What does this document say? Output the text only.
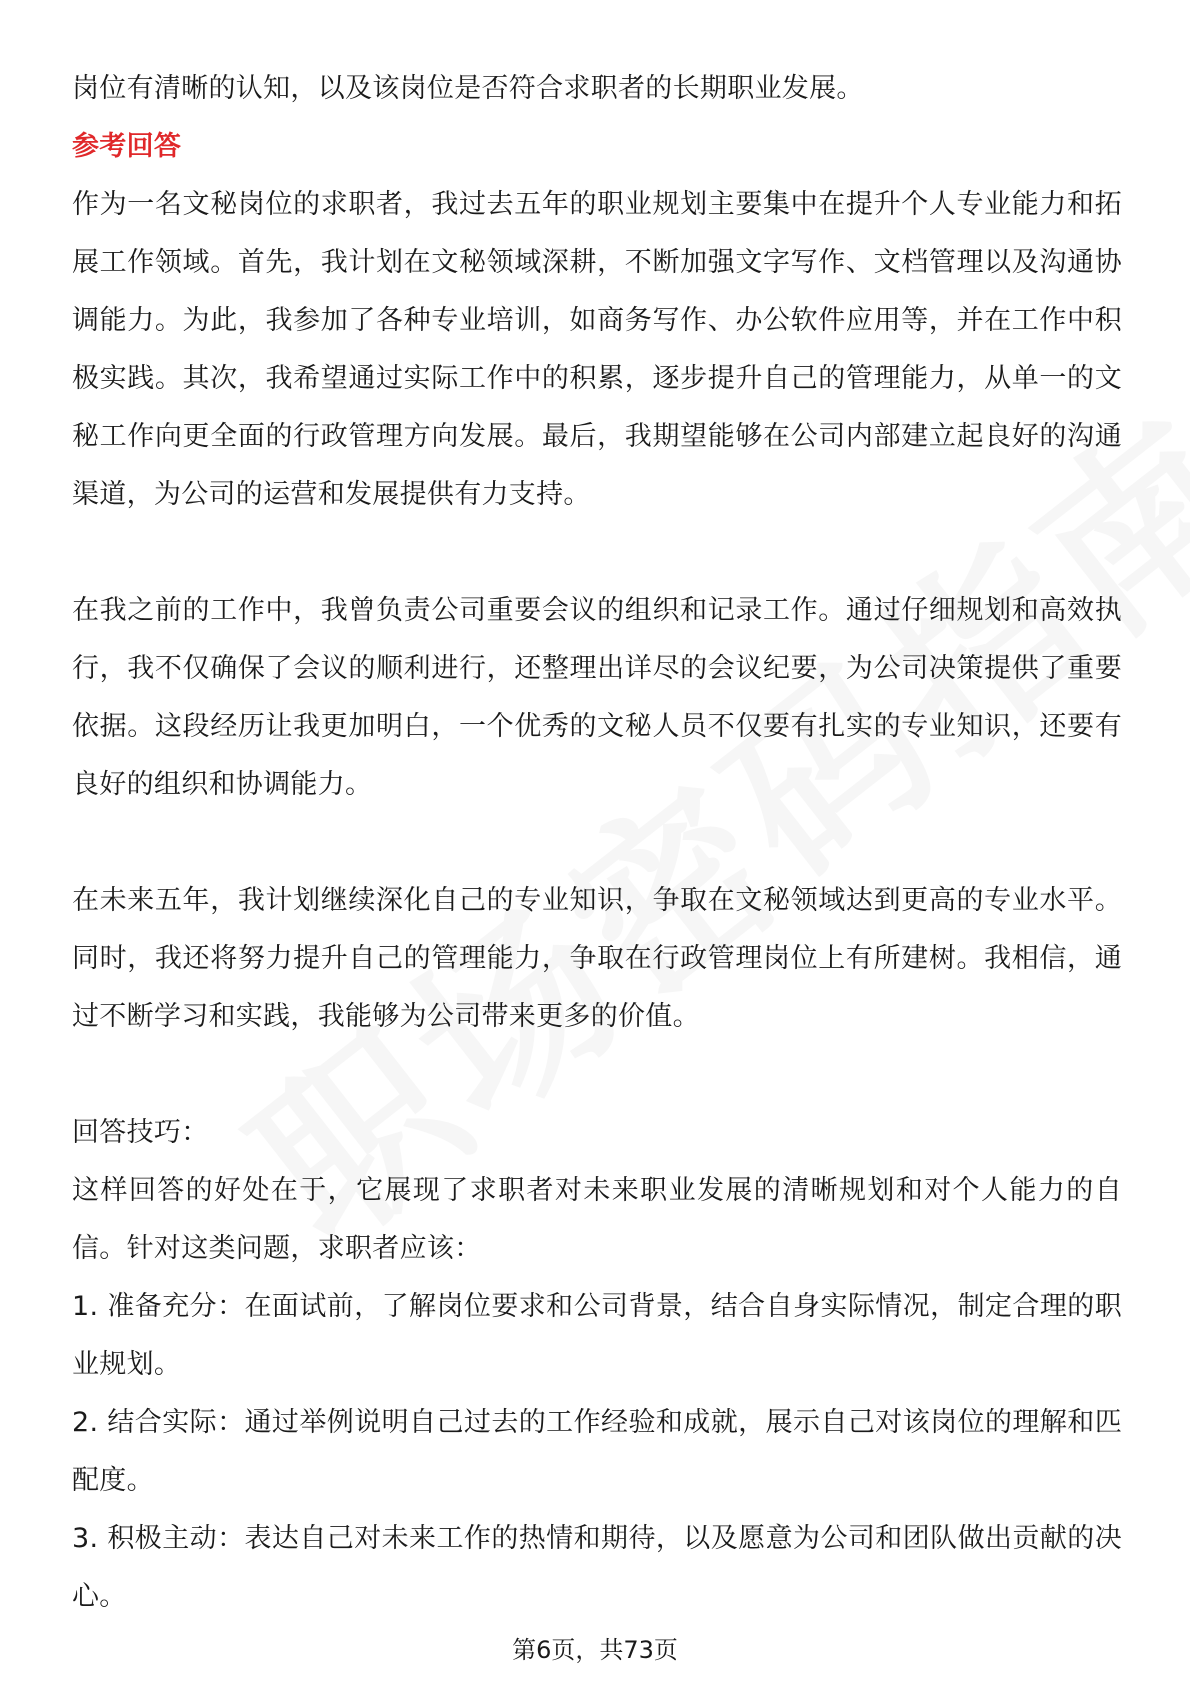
岗位有清晰的认知，以及该岗位是否符合求职者的长期职业发展。

参考回答

作为一名文秘岗位的求职者，我过去五年的职业规划主要集中在提升个人专业能力和拓展工作领域。首先，我计划在文秘领域深耕，不断加强文字写作、文档管理以及沟通协调能力。为此，我参加了各种专业培训，如商务写作、办公软件应用等，并在工作中积极实践。其次，我希望通过实际工作中的积累，逐步提升自己的管理能力，从单一的文秘工作向更全面的行政管理方向发展。最后，我期望能够在公司内部建立起良好的沟通渠道，为公司的运营和发展提供有力支持。

在我之前的工作中，我曾负责公司重要会议的组织和记录工作。通过仔细规划和高效执行，我不仅确保了会议的顺利进行，还整理出详尽的会议纪要，为公司决策提供了重要依据。这段经历让我更加明白，一个优秀的文秘人员不仅要有扎实的专业知识，还要有良好的组织和协调能力。

在未来五年，我计划继续深化自己的专业知识，争取在文秘领域达到更高的专业水平。同时，我还将努力提升自己的管理能力，争取在行政管理岗位上有所建树。我相信，通过不断学习和实践，我能够为公司带来更多的价值。

回答技巧：

这样回答的好处在于，它展现了求职者对未来职业发展的清晰规划和对个人能力的自信。针对这类问题，求职者应该：

1. 准备充分：在面试前，了解岗位要求和公司背景，结合自身实际情况，制定合理的职业规划。

2. 结合实际：通过举例说明自己过去的工作经验和成就，展示自己对该岗位的理解和匹配度。

3. 积极主动：表达自己对未来工作的热情和期待，以及愿意为公司和团队做出贡献的决心。

第6页，共73页
